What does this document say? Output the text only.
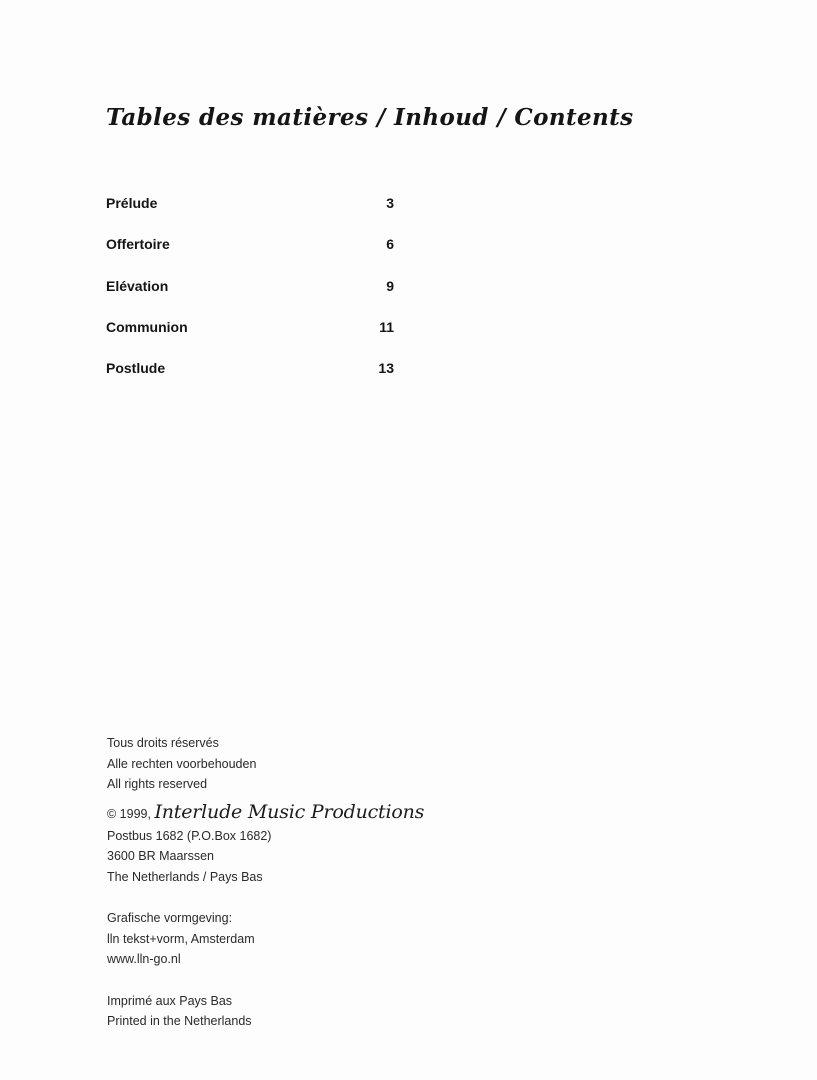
Tables des matières / Inhoud / Contents
Prélude	3
Offertoire	6
Elévation	9
Communion	11
Postlude	13
Tous droits réservés
Alle rechten voorbehouden
All rights reserved
© 1999, Interlude Music Productions
Postbus 1682 (P.O.Box 1682)
3600 BR Maarssen
The Netherlands / Pays Bas
Grafische vormgeving:
lln tekst+vorm, Amsterdam
www.lln-go.nl
Imprimé aux Pays Bas
Printed in the Netherlands
